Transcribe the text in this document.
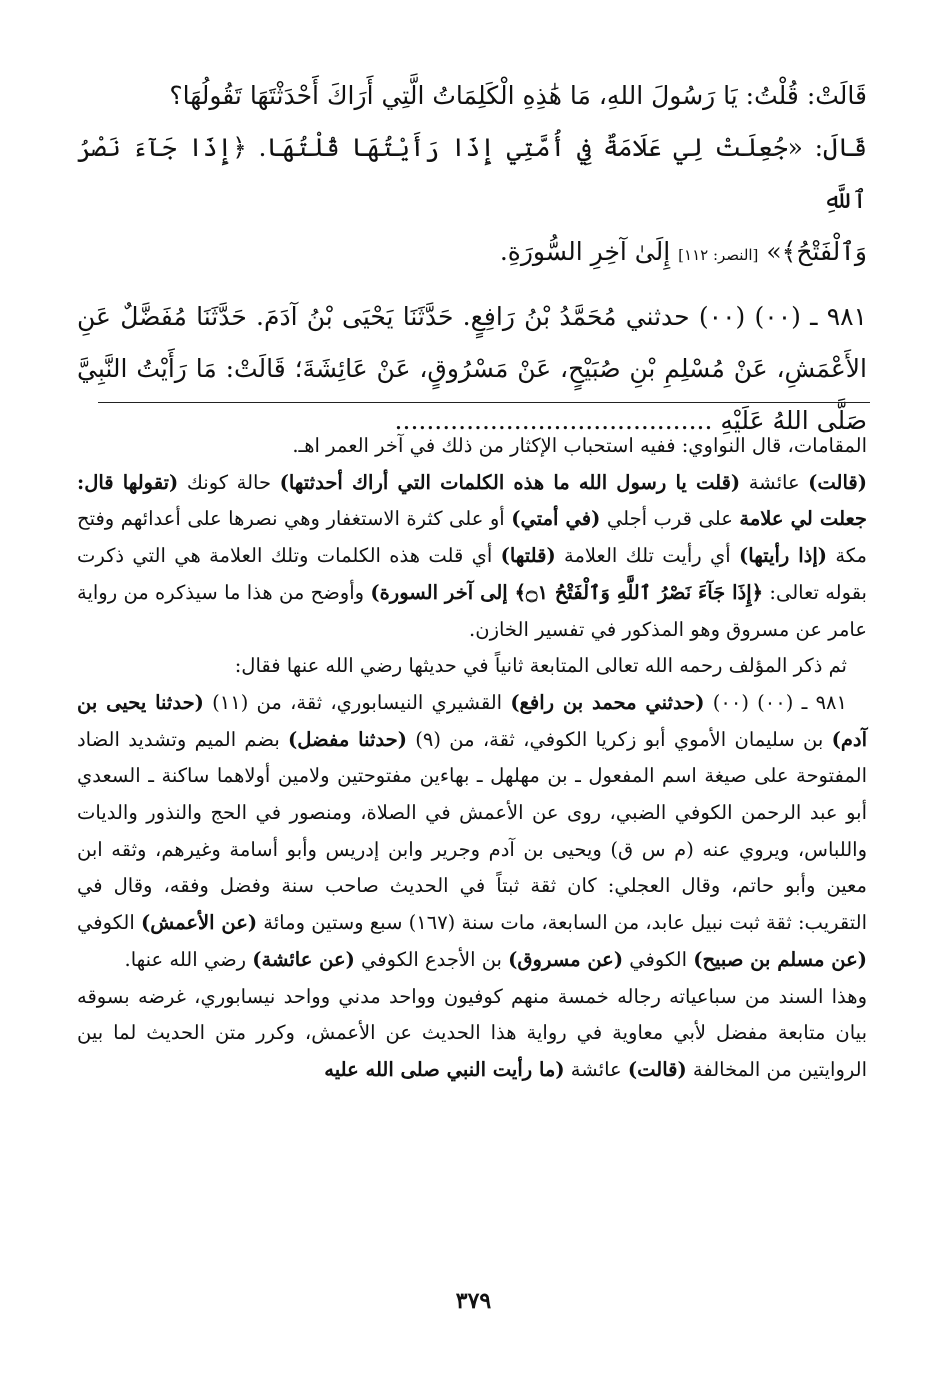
قَالَتْ: قُلْتُ: يَا رَسُولَ اللهِ، مَا هَٰذِهِ الْكَلِمَاتُ الَّتِي أَرَاكَ أَحْدَثْتَهَا تَقُولُهَا؟

قَالَ: «جُعِلَتْ لِي عَلَامَةٌ فِي أُمَّتِي إِذَا رَأَيْتُهَا قُلْتُهَا. ﴿إِذَا جَآءَ نَصْرُ ٱللَّهِ

وَٱلْفَتْحُ﴾» [النصر: ١١٢] إِلَىٰ آخِرِ السُّورَةِ.

٩٨١ ـ (٠٠) (٠٠) حدثني مُحَمَّدُ بْنُ رَافِعٍ. حَدَّثَنَا يَحْيَى بْنُ آدَمَ. حَدَّثَنَا مُفَضَّلٌ عَنِ الأَعْمَشِ، عَنْ مُسْلِمِ بْنِ صُبَيْحٍ، عَنْ مَسْرُوقٍ، عَنْ عَائِشَةَ؛ قَالَتْ: مَا رَأَيْتُ النَّبِيَّ صَلَّى اللهُ عَلَيْهِ ........................................

المقامات، قال النواوي: ففيه استحباب الإكثار من ذلك في آخر العمر اهـ.

(قالت) عائشة (قلت يا رسول الله ما هذه الكلمات التي أراك أحدثتها) حالة كونك (تقولها قال: جعلت لي علامة على قرب أجلي (في أمتي) أو على كثرة الاستغفار وهي نصرها على أعدائهم وفتح مكة (إذا رأيتها) أي رأيت تلك العلامة (قلتها) أي قلت هذه الكلمات وتلك العلامة هي التي ذكرت بقوله تعالى: ﴿إِذَا جَآءَ نَصْرُ ٱللَّهِ وَٱلْفَتْحُ ۝١﴾ إلى آخر السورة) وأوضح من هذا ما سيذكره من رواية عامر عن مسروق وهو المذكور في تفسير الخازن.

ثم ذكر المؤلف رحمه الله تعالى المتابعة ثانياً في حديثها رضي الله عنها فقال:

٩٨١ ـ (٠٠) (٠٠) (حدثني محمد بن رافع) القشيري النيسابوري، ثقة، من (١١) (حدثنا يحيى بن آدم) بن سليمان الأموي أبو زكريا الكوفي، ثقة، من (٩) (حدثنا مفضل) بضم الميم وتشديد الضاد المفتوحة على صيغة اسم المفعول ـ بن مهلهل ـ بهاءين مفتوحتين ولامين أولاهما ساكنة ـ السعدي أبو عبد الرحمن الكوفي الضبي، روى عن الأعمش في الصلاة، ومنصور في الحج والنذور والديات واللباس، ويروي عنه (م س ق) ويحيى بن آدم وجرير وابن إدريس وأبو أسامة وغيرهم، وثقه ابن معين وأبو حاتم، وقال العجلي: كان ثقة ثبتاً في الحديث صاحب سنة وفضل وفقه، وقال في التقريب: ثقة ثبت نبيل عابد، من السابعة، مات سنة (١٦٧) سبع وستين ومائة (عن الأعمش) الكوفي (عن مسلم بن صبيح) الكوفي (عن مسروق) بن الأجدع الكوفي (عن عائشة) رضي الله عنها.

وهذا السند من سباعياته رجاله خمسة منهم كوفيون وواحد مدني وواحد نيسابوري، غرضه بسوقه بيان متابعة مفضل لأبي معاوية في رواية هذا الحديث عن الأعمش، وكرر متن الحديث لما بين الروايتين من المخالفة (قالت) عائشة (ما رأيت النبي صلى الله عليه

٣٧٩
